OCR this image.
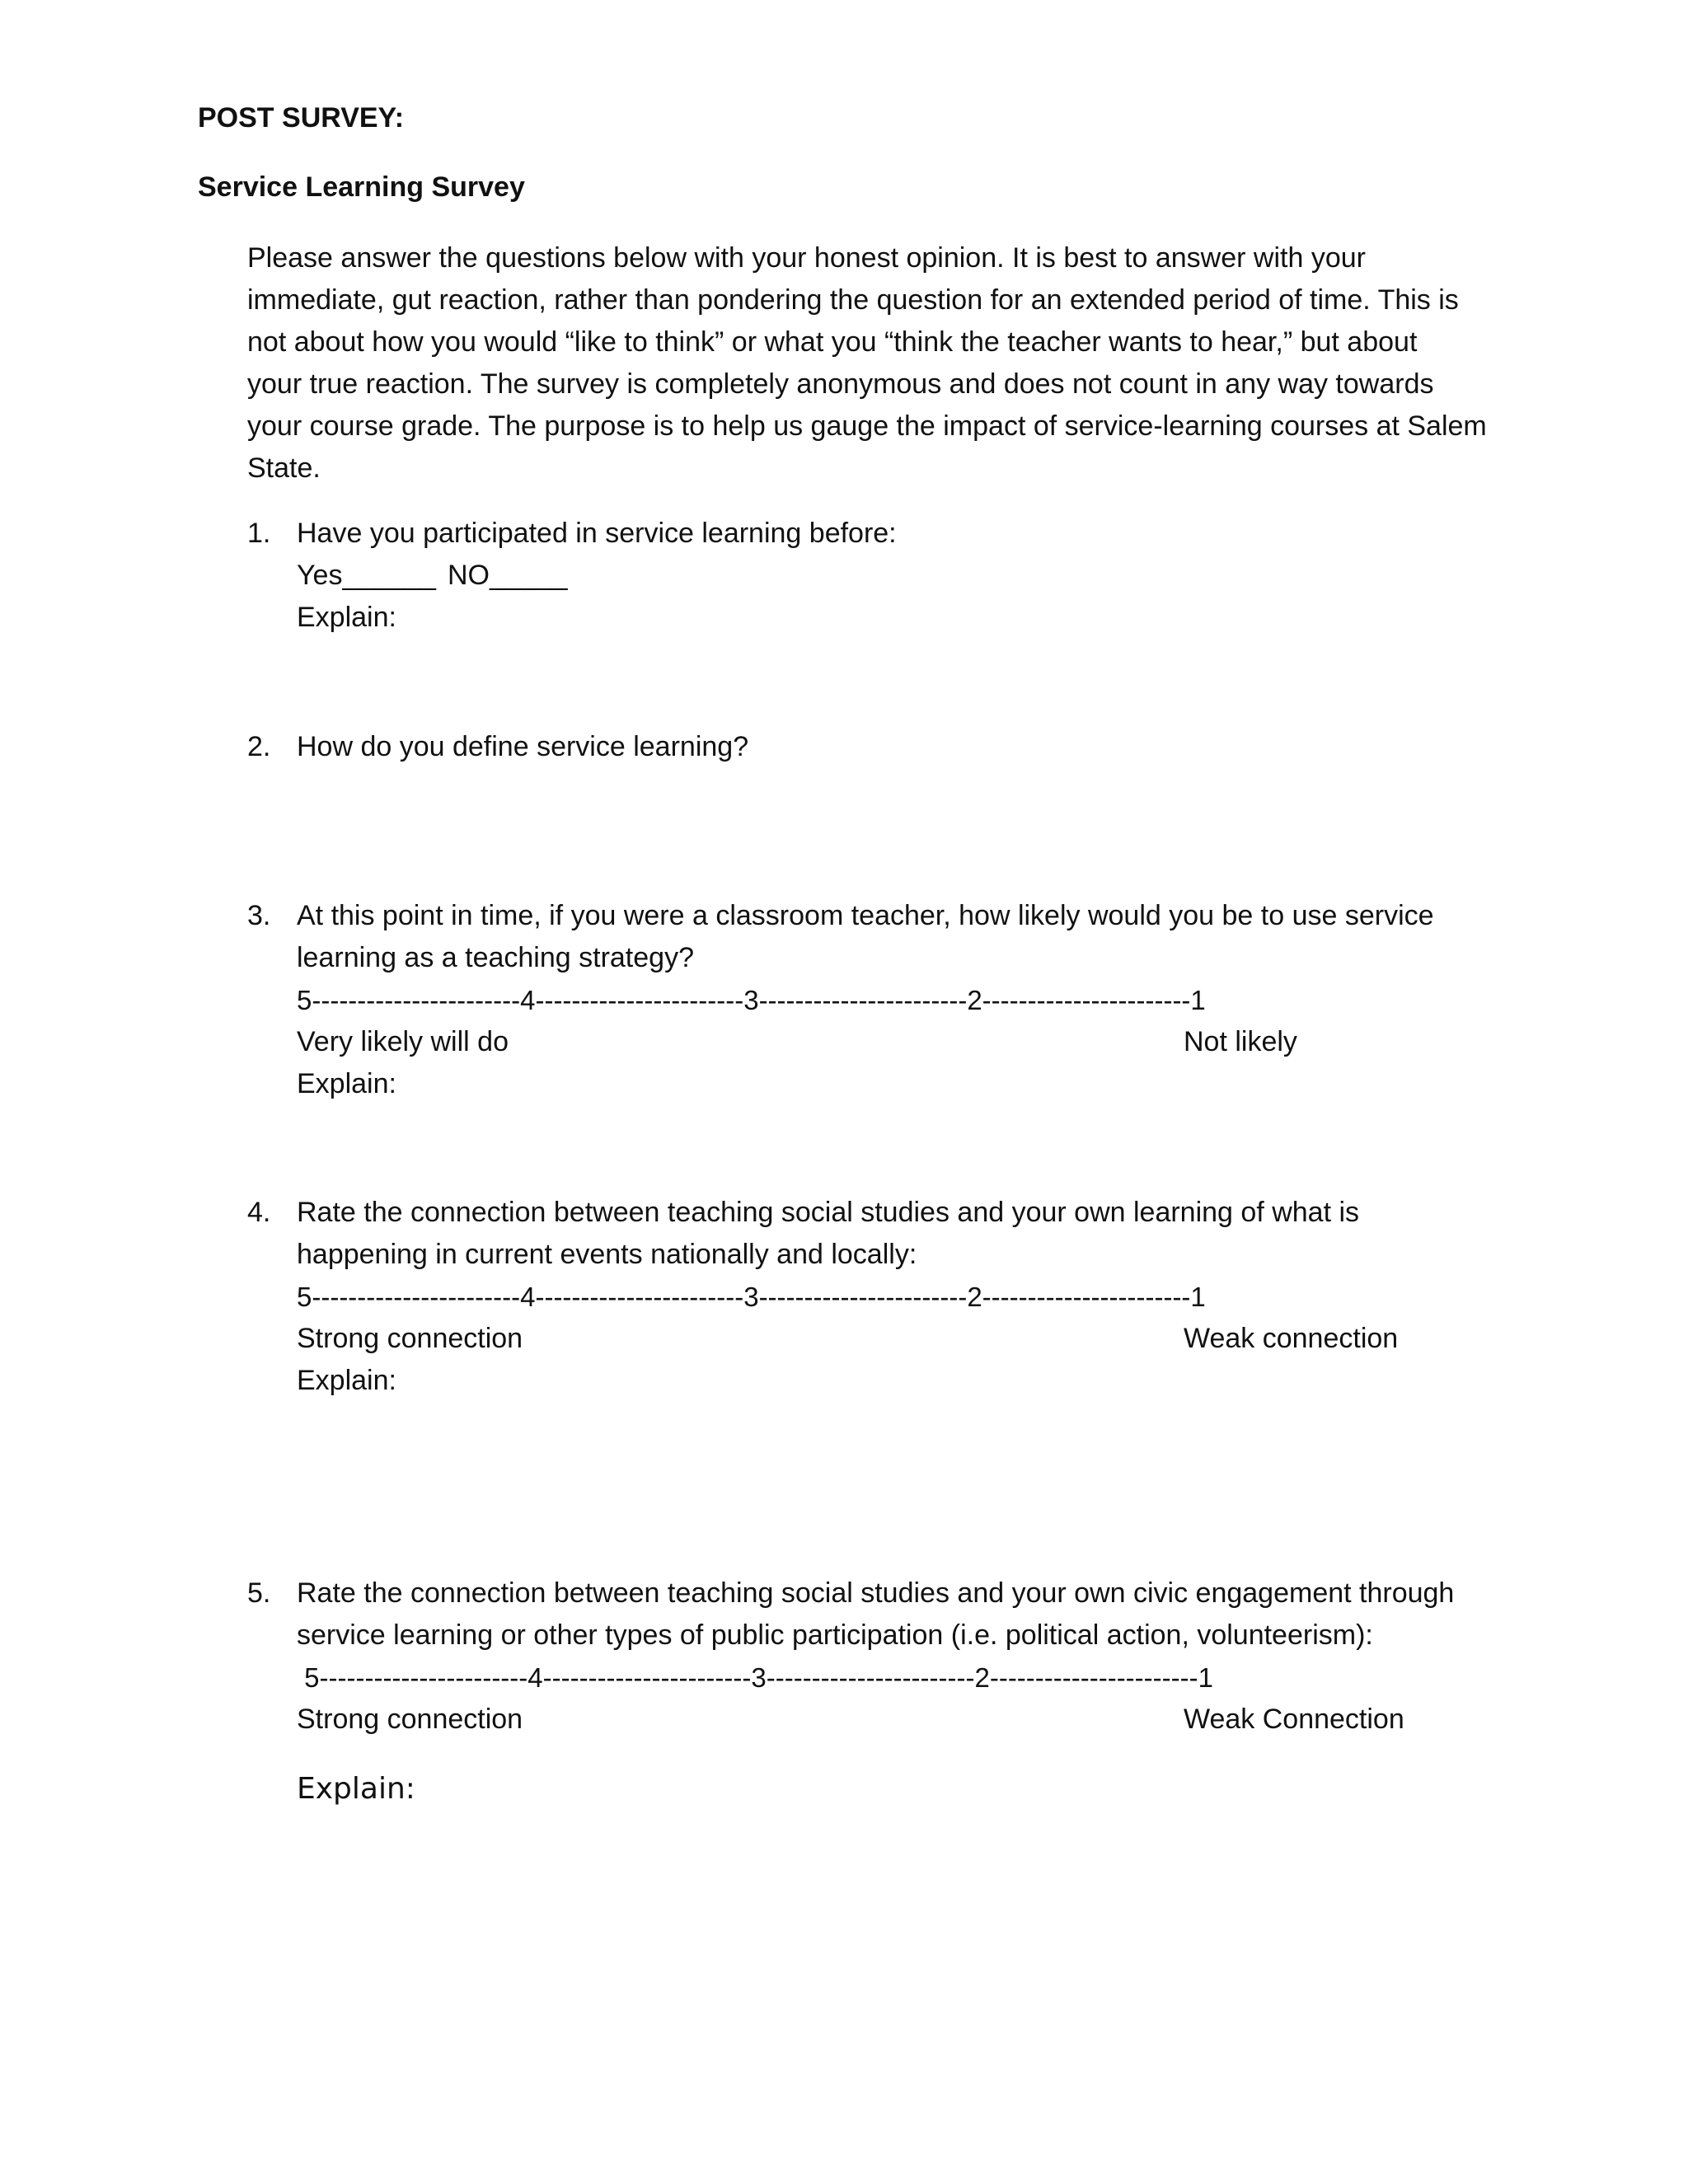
POST SURVEY:
Service Learning Survey
Please answer the questions below with your honest opinion. It is best to answer with your
immediate, gut reaction, rather than pondering the question for an extended period of time. This is
not about how you would “like to think” or what you “think the teacher wants to hear,” but about
your true reaction. The survey is completely anonymous and does not count in any way towards
your course grade. The purpose is to help us gauge the impact of service-learning courses at Salem
State.
1. Have you participated in service learning before:
Yes______ NO_____
Explain:
2. How do you define service learning?
3. At this point in time, if you were a classroom teacher, how likely would you be to use service
learning as a teaching strategy?
5-----------------------4-----------------------3-----------------------2-----------------------1
Very likely will do	Not likely
Explain:
4. Rate the connection between teaching social studies and your own learning of what is
happening in current events nationally and locally:
5-----------------------4-----------------------3-----------------------2-----------------------1
Strong connection	Weak connection
Explain:
5. Rate the connection between teaching social studies and your own civic engagement through
service learning or other types of public participation (i.e. political action, volunteerism):
5-----------------------4-----------------------3-----------------------2-----------------------1
Strong connection	Weak Connection
Explain:
